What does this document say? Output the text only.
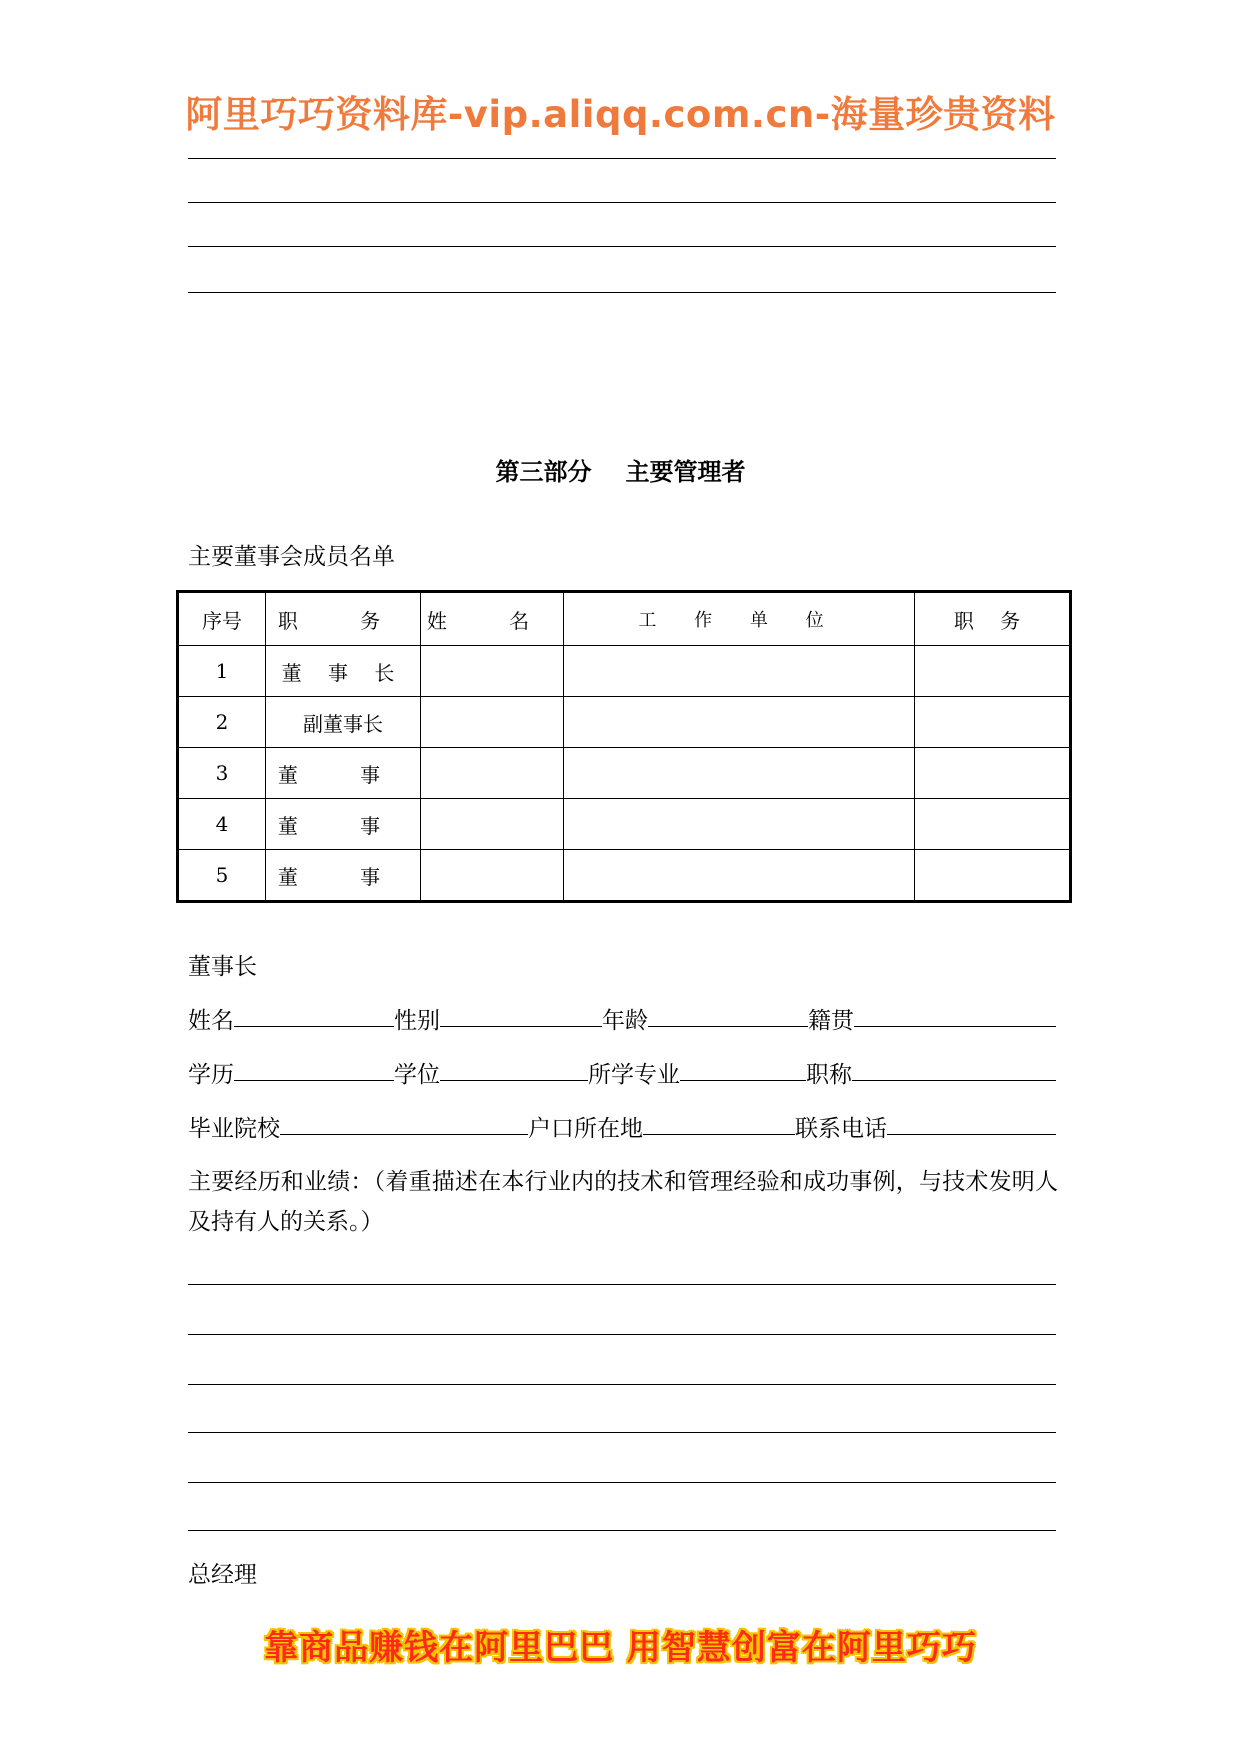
阿里巧巧资料库-vip.aliqq.com.cn-海量珍贵资料
第三部分 主要管理者
主要董事会成员名单
序号	职 务	姓 名	工 作 单 位	职 务
1	董 事 长			
2	副董事长			
3	董 事			
4	董 事			
5	董 事			
董事长
姓名	性别	年龄	籍贯
学历	学位	所学专业	职称
毕业院校	户口所在地	联系电话
主要经历和业绩：（着重描述在本行业内的技术和管理经验和成功事例，与技术发明人及持有人的关系。）
总经理
靠商品赚钱在阿里巴巴 用智慧创富在阿里巧巧
